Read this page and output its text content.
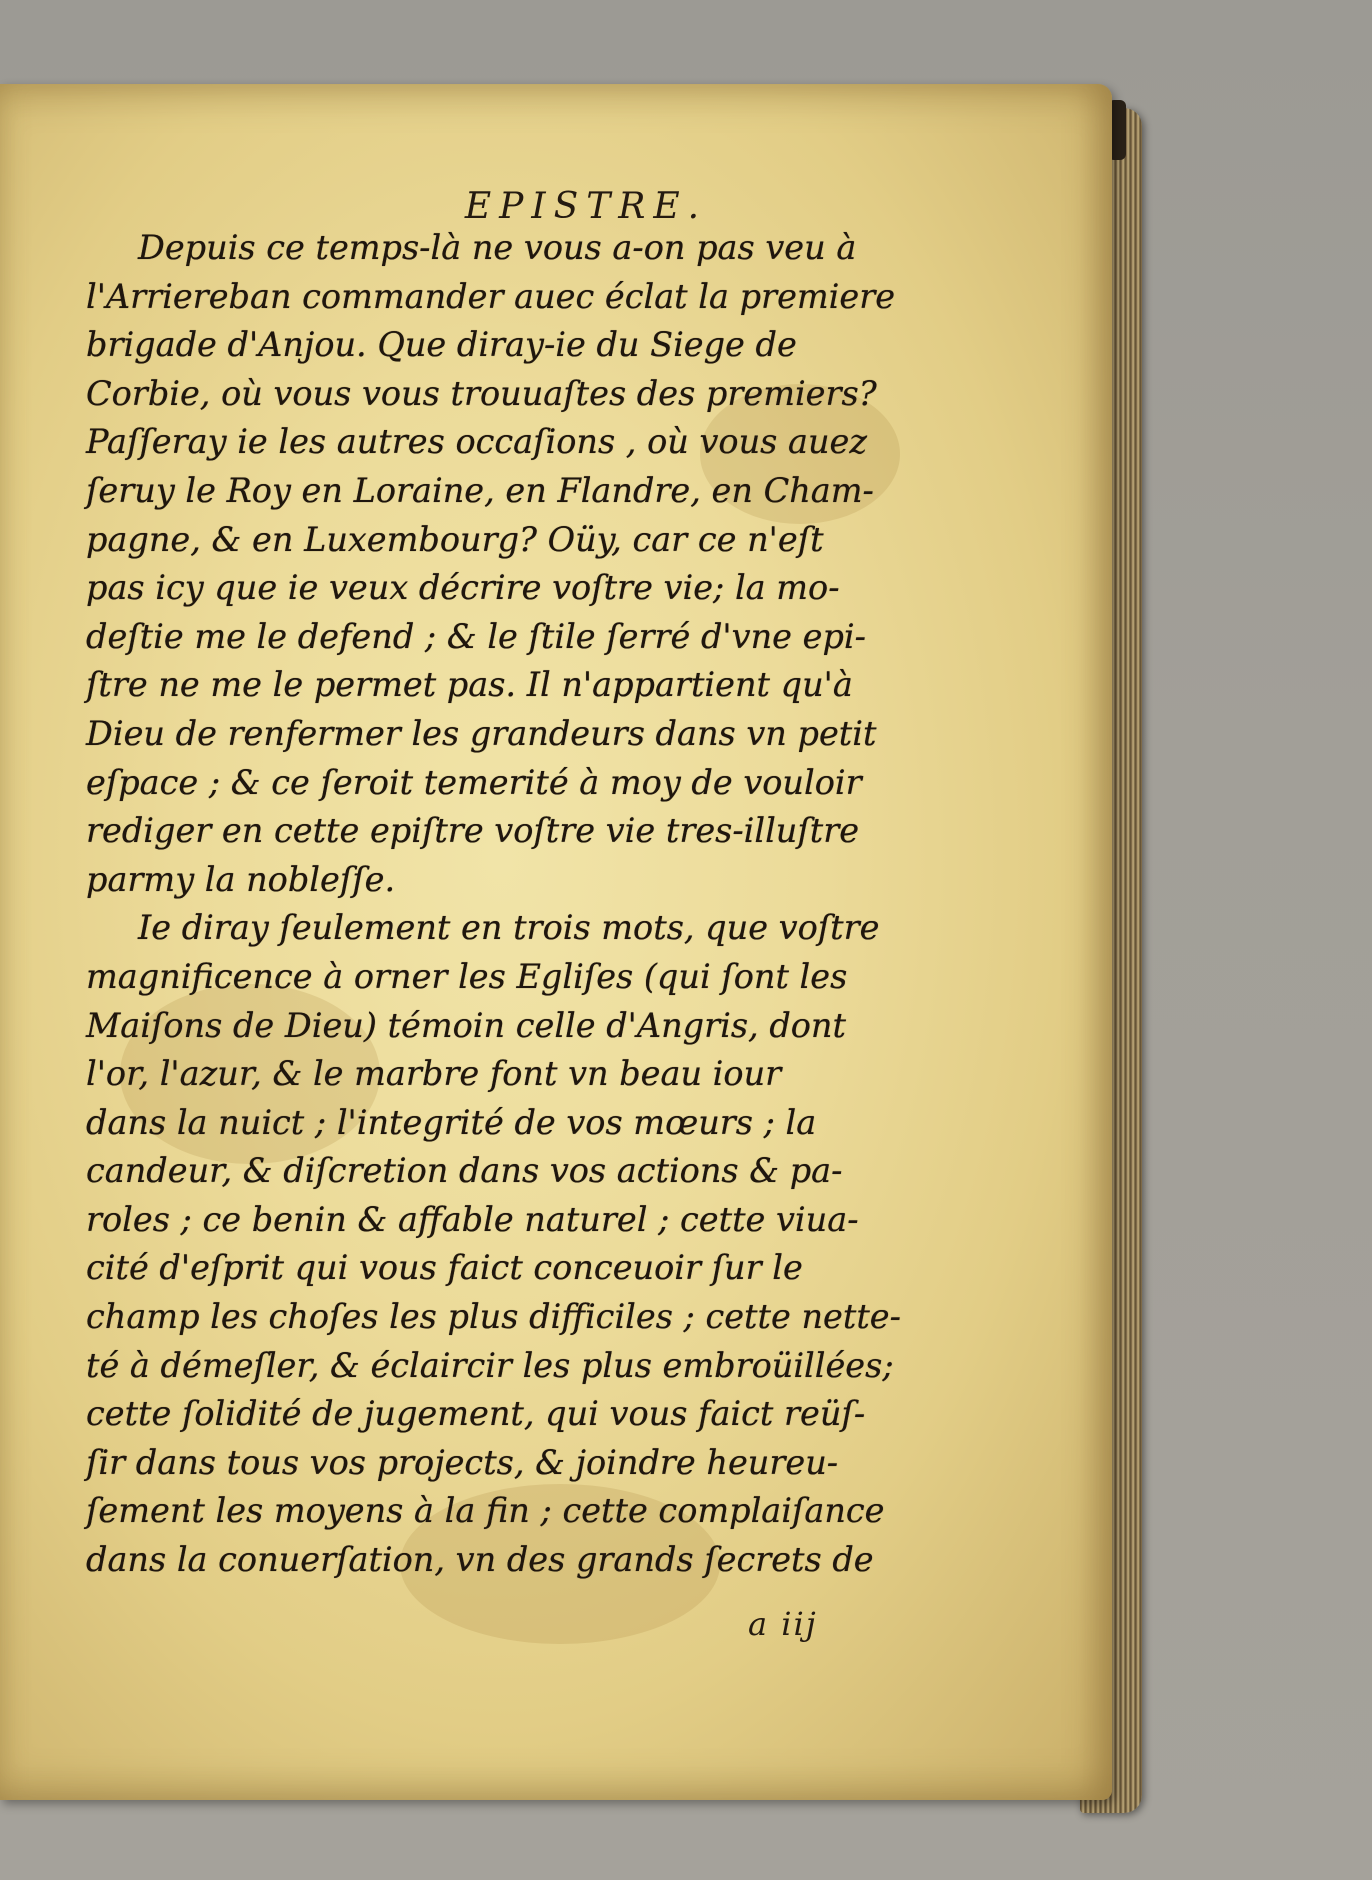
EPISTRE.
Depuis ce temps-là ne vous a-on pas veu à
l'Arriereban commander auec éclat la premiere
brigade d'Anjou. Que diray-ie du Siege de
Corbie, où vous vous trouuaſtes des premiers?
Paſſeray ie les autres occaſions , où vous auez
ſeruy le Roy en Loraine, en Flandre, en Cham-
pagne, & en Luxembourg? Oüy, car ce n'eſt
pas icy que ie veux décrire voſtre vie; la mo-
deſtie me le defend ; & le ſtile ſerré d'vne epi-
ſtre ne me le permet pas. Il n'appartient qu'à
Dieu de renfermer les grandeurs dans vn petit
eſpace ; & ce ſeroit temerité à moy de vouloir
rediger en cette epiſtre voſtre vie tres-illuſtre
parmy la nobleſſe.
Ie diray ſeulement en trois mots, que voſtre
magnificence à orner les Egliſes (qui ſont les
Maiſons de Dieu) témoin celle d'Angris, dont
l'or, l'azur, & le marbre font vn beau iour
dans la nuict ; l'integrité de vos mœurs ; la
candeur, & diſcretion dans vos actions & pa-
roles ; ce benin & affable naturel ; cette viua-
cité d'eſprit qui vous faict conceuoir ſur le
champ les choſes les plus difficiles ; cette nette-
té à démeſler, & éclaircir les plus embroüillées;
cette ſolidité de jugement, qui vous faict reüſ-
ſir dans tous vos projects, & joindre heureu-
ſement les moyens à la fin ; cette complaiſance
dans la conuerſation, vn des grands ſecrets de
a iij
